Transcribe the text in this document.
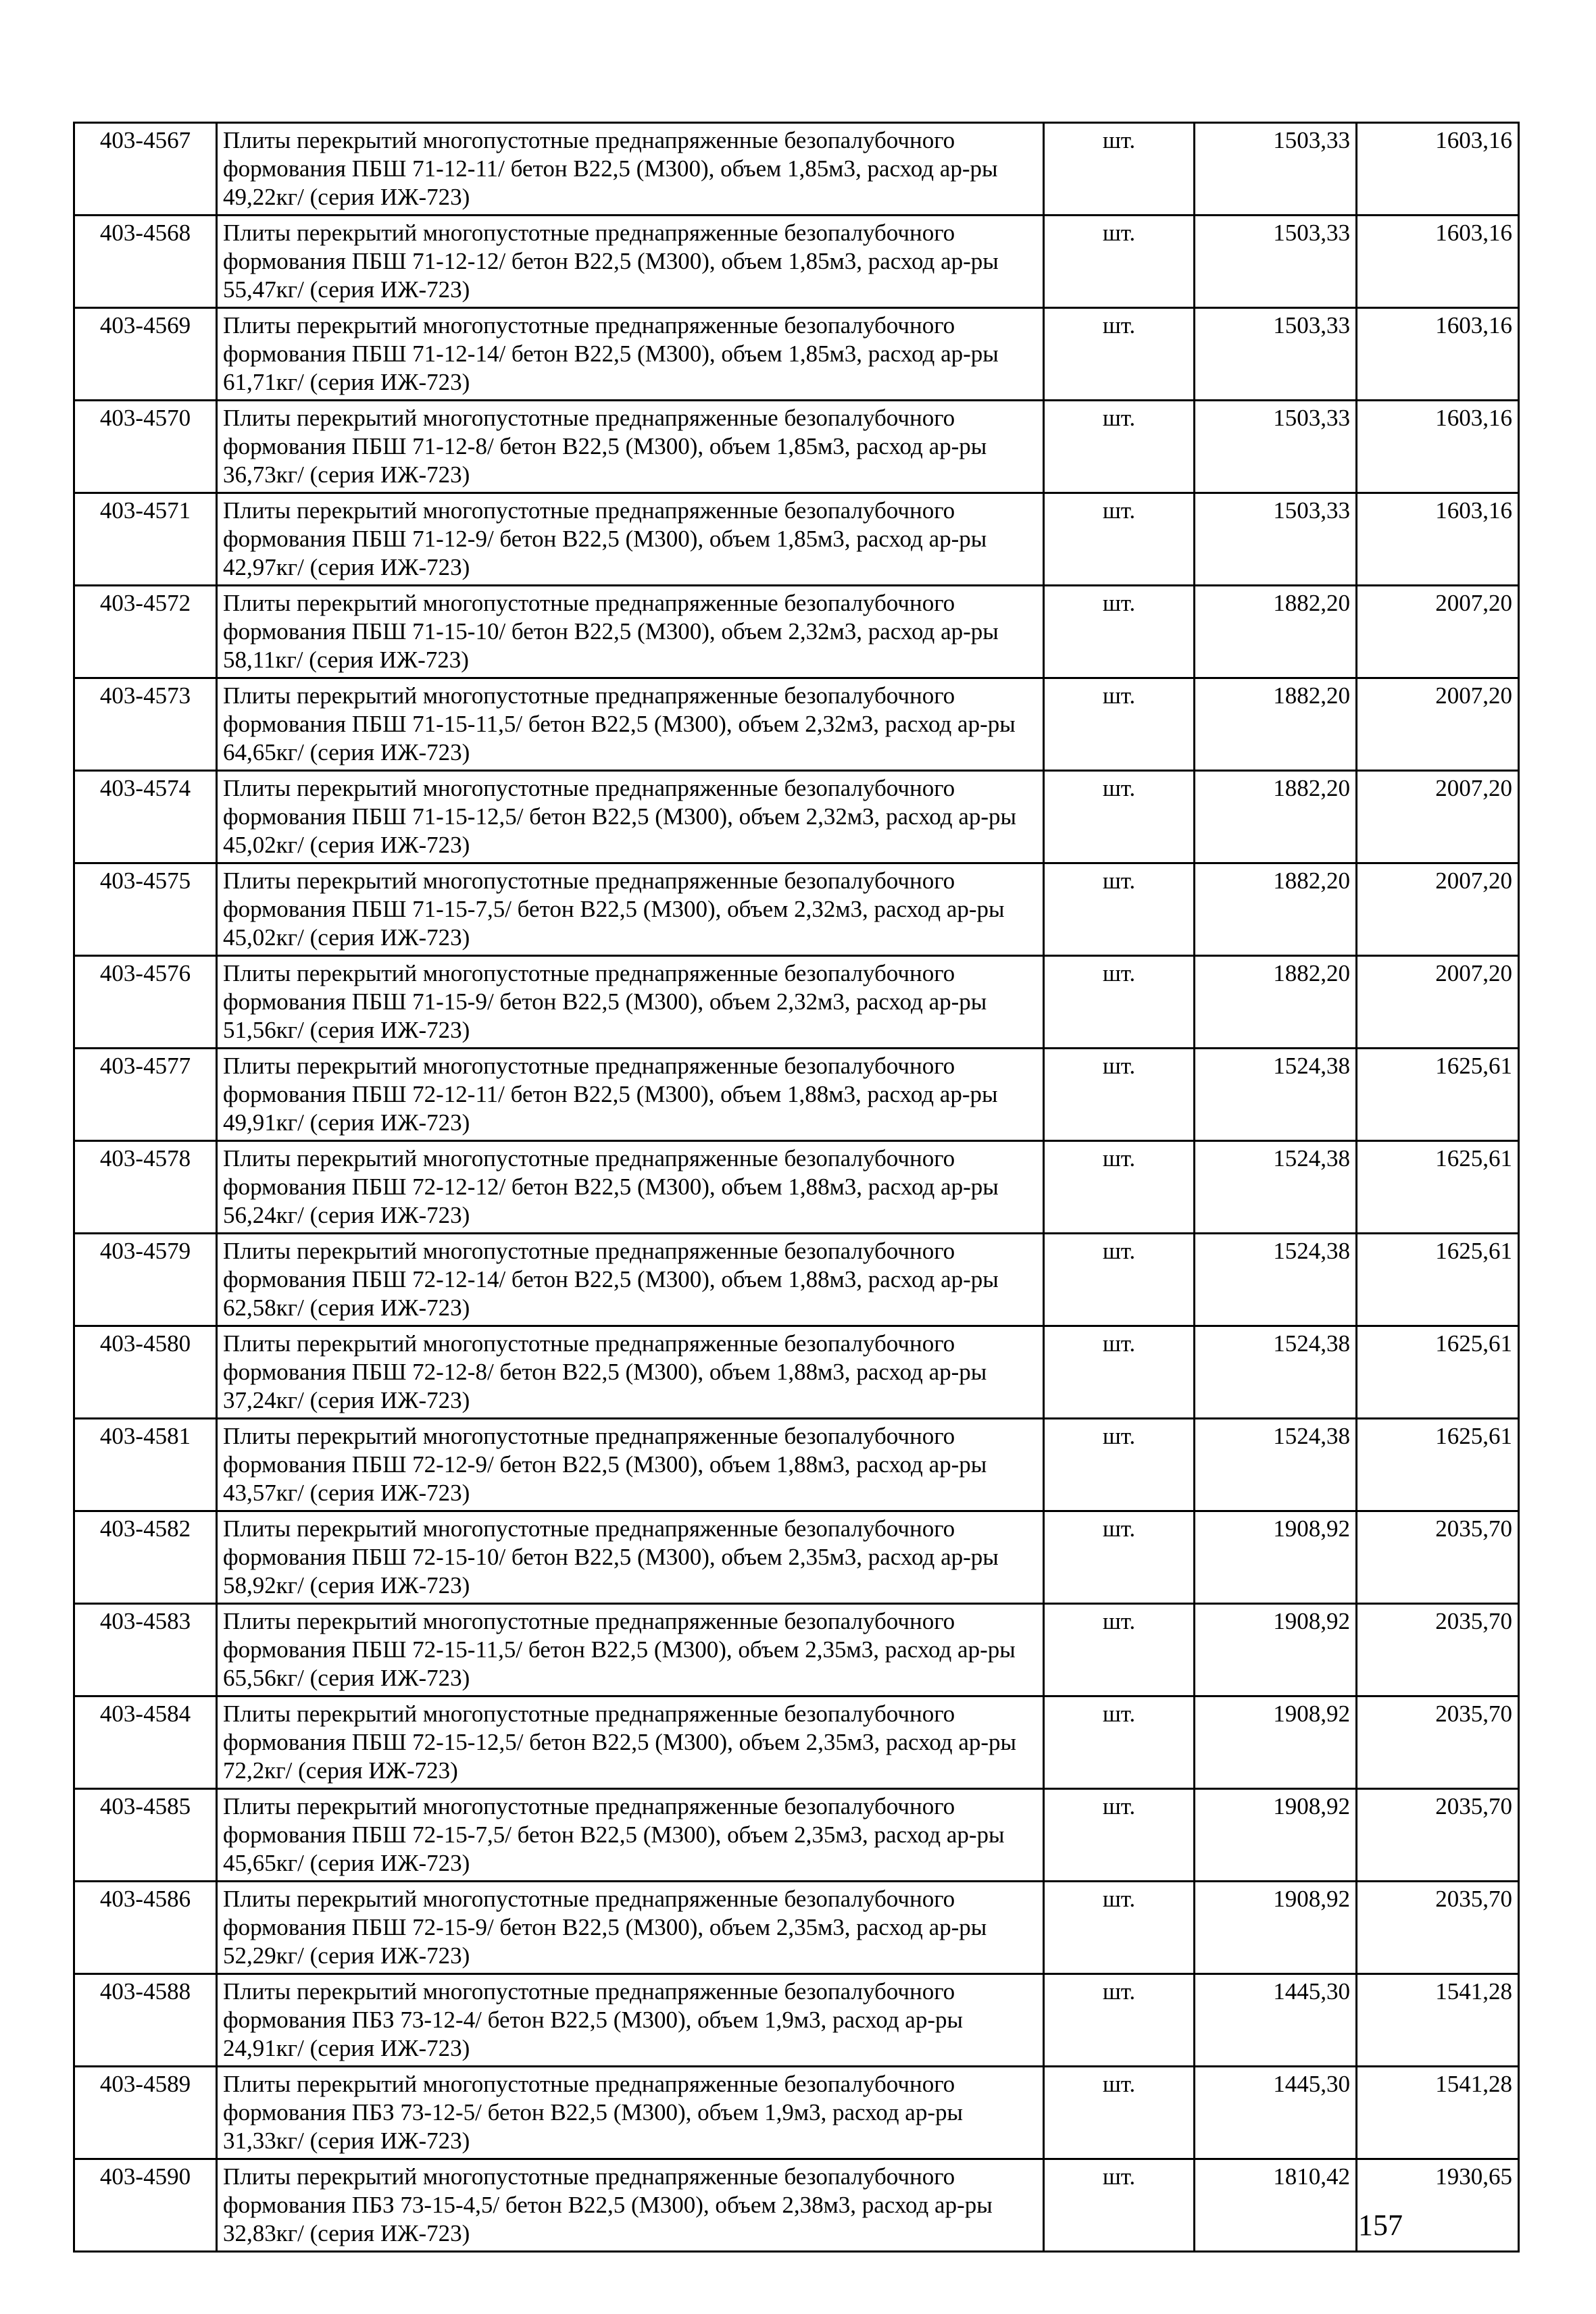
403-4567	Плиты перекрытий многопустотные преднапряженные безопалубочного формования ПБШ 71-12-11/ бетон В22,5 (М300), объем 1,85м3, расход ар-ры 49,22кг/ (серия ИЖ-723)	шт.	1503,33	1603,16
403-4568	Плиты перекрытий многопустотные преднапряженные безопалубочного формования ПБШ 71-12-12/ бетон В22,5 (М300), объем 1,85м3, расход ар-ры 55,47кг/ (серия ИЖ-723)	шт.	1503,33	1603,16
403-4569	Плиты перекрытий многопустотные преднапряженные безопалубочного формования ПБШ 71-12-14/ бетон В22,5 (М300), объем 1,85м3, расход ар-ры 61,71кг/ (серия ИЖ-723)	шт.	1503,33	1603,16
403-4570	Плиты перекрытий многопустотные преднапряженные безопалубочного формования ПБШ 71-12-8/ бетон В22,5 (М300), объем 1,85м3, расход ар-ры 36,73кг/ (серия ИЖ-723)	шт.	1503,33	1603,16
403-4571	Плиты перекрытий многопустотные преднапряженные безопалубочного формования ПБШ 71-12-9/ бетон В22,5 (М300), объем 1,85м3, расход ар-ры 42,97кг/ (серия ИЖ-723)	шт.	1503,33	1603,16
403-4572	Плиты перекрытий многопустотные преднапряженные безопалубочного формования ПБШ 71-15-10/ бетон В22,5 (М300), объем 2,32м3, расход ар-ры 58,11кг/ (серия ИЖ-723)	шт.	1882,20	2007,20
403-4573	Плиты перекрытий многопустотные преднапряженные безопалубочного формования ПБШ 71-15-11,5/ бетон В22,5 (М300), объем 2,32м3, расход ар-ры 64,65кг/ (серия ИЖ-723)	шт.	1882,20	2007,20
403-4574	Плиты перекрытий многопустотные преднапряженные безопалубочного формования ПБШ 71-15-12,5/ бетон В22,5 (М300), объем 2,32м3, расход ар-ры 45,02кг/ (серия ИЖ-723)	шт.	1882,20	2007,20
403-4575	Плиты перекрытий многопустотные преднапряженные безопалубочного формования ПБШ 71-15-7,5/ бетон В22,5 (М300), объем 2,32м3, расход ар-ры 45,02кг/ (серия ИЖ-723)	шт.	1882,20	2007,20
403-4576	Плиты перекрытий многопустотные преднапряженные безопалубочного формования ПБШ 71-15-9/ бетон В22,5 (М300), объем 2,32м3, расход ар-ры 51,56кг/ (серия ИЖ-723)	шт.	1882,20	2007,20
403-4577	Плиты перекрытий многопустотные преднапряженные безопалубочного формования ПБШ 72-12-11/ бетон В22,5 (М300), объем 1,88м3, расход ар-ры 49,91кг/ (серия ИЖ-723)	шт.	1524,38	1625,61
403-4578	Плиты перекрытий многопустотные преднапряженные безопалубочного формования ПБШ 72-12-12/ бетон В22,5 (М300), объем 1,88м3, расход ар-ры 56,24кг/ (серия ИЖ-723)	шт.	1524,38	1625,61
403-4579	Плиты перекрытий многопустотные преднапряженные безопалубочного формования ПБШ 72-12-14/ бетон В22,5 (М300), объем 1,88м3, расход ар-ры 62,58кг/ (серия ИЖ-723)	шт.	1524,38	1625,61
403-4580	Плиты перекрытий многопустотные преднапряженные безопалубочного формования ПБШ 72-12-8/ бетон В22,5 (М300), объем 1,88м3, расход ар-ры 37,24кг/ (серия ИЖ-723)	шт.	1524,38	1625,61
403-4581	Плиты перекрытий многопустотные преднапряженные безопалубочного формования ПБШ 72-12-9/ бетон В22,5 (М300), объем 1,88м3, расход ар-ры 43,57кг/ (серия ИЖ-723)	шт.	1524,38	1625,61
403-4582	Плиты перекрытий многопустотные преднапряженные безопалубочного формования ПБШ 72-15-10/ бетон В22,5 (М300), объем 2,35м3, расход ар-ры 58,92кг/ (серия ИЖ-723)	шт.	1908,92	2035,70
403-4583	Плиты перекрытий многопустотные преднапряженные безопалубочного формования ПБШ 72-15-11,5/ бетон В22,5 (М300), объем 2,35м3, расход ар-ры 65,56кг/ (серия ИЖ-723)	шт.	1908,92	2035,70
403-4584	Плиты перекрытий многопустотные преднапряженные безопалубочного формования ПБШ 72-15-12,5/ бетон В22,5 (М300), объем 2,35м3, расход ар-ры 72,2кг/ (серия ИЖ-723)	шт.	1908,92	2035,70
403-4585	Плиты перекрытий многопустотные преднапряженные безопалубочного формования ПБШ 72-15-7,5/ бетон В22,5 (М300), объем 2,35м3, расход ар-ры 45,65кг/ (серия ИЖ-723)	шт.	1908,92	2035,70
403-4586	Плиты перекрытий многопустотные преднапряженные безопалубочного формования ПБШ 72-15-9/ бетон В22,5 (М300), объем 2,35м3, расход ар-ры 52,29кг/ (серия ИЖ-723)	шт.	1908,92	2035,70
403-4588	Плиты перекрытий многопустотные преднапряженные безопалубочного формования ПБЗ 73-12-4/ бетон В22,5 (М300), объем 1,9м3, расход ар-ры 24,91кг/ (серия ИЖ-723)	шт.	1445,30	1541,28
403-4589	Плиты перекрытий многопустотные преднапряженные безопалубочного формования ПБЗ 73-12-5/ бетон В22,5 (М300), объем 1,9м3, расход ар-ры 31,33кг/ (серия ИЖ-723)	шт.	1445,30	1541,28
403-4590	Плиты перекрытий многопустотные преднапряженные безопалубочного формования ПБЗ 73-15-4,5/ бетон В22,5 (М300), объем 2,38м3, расход ар-ры 32,83кг/ (серия ИЖ-723)	шт.	1810,42	1930,65
157
